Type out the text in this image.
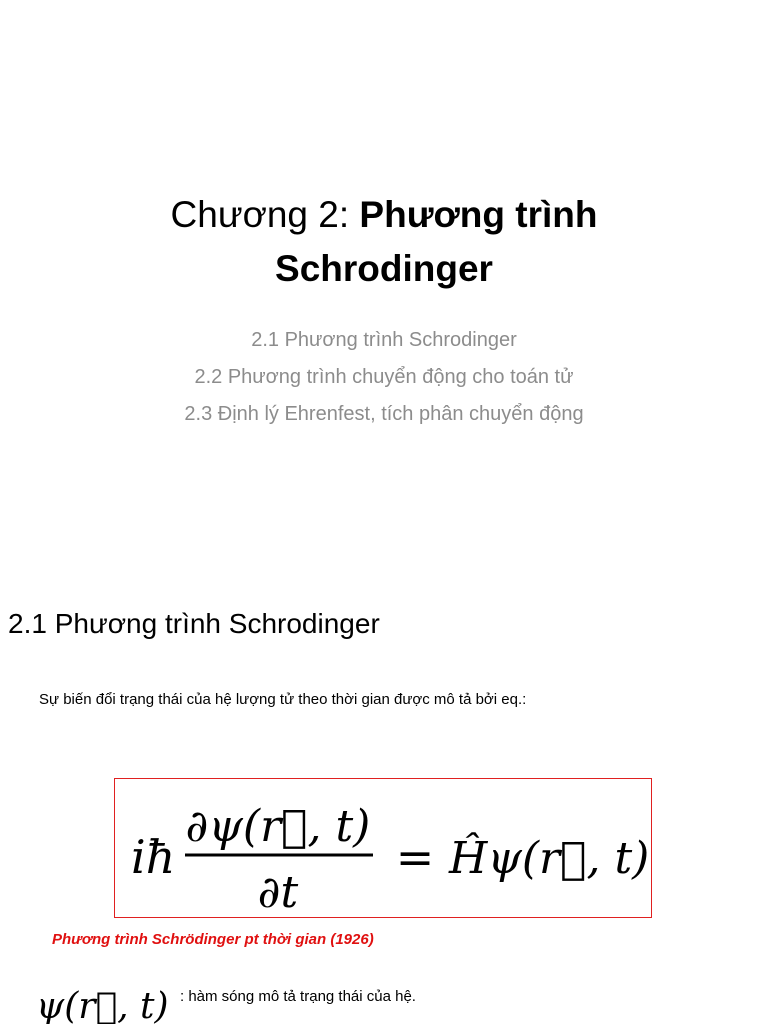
Chương 2: Phương trình
Schrodinger
2.1 Phương trình Schrodinger
2.2 Phương trình chuyển động cho toán tử
2.3 Định lý Ehrenfest, tích phân chuyển động
2.1 Phương trình Schrodinger
Sự biến đổi trạng thái của hệ lượng tử theo thời gian được mô tả bởi eq.:
iħ
∂ψ(r⃗, t)
∂t
= Ĥψ(r⃗, t)
Phương trình Schrödinger pt thời gian (1926)
ψ(r⃗, t) : hàm sóng mô tả trạng thái của hệ.
